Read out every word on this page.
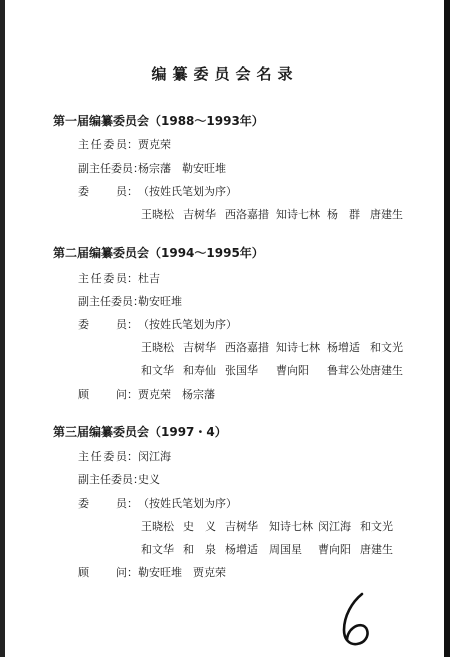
编纂委员会名录
第一届编纂委员会（1988～1993年）
主 任 委 员： 贾克荣
副主任委员：
杨宗藩　勒安旺堆
委 员： （按姓氏笔划为序）
王晓松 吉树华 西洛嘉措 知诗七林 杨　群 唐建生
第二届编纂委员会（1994～1995年）
主 任 委 员： 杜吉
副主任委员：
勒安旺堆
委 员： （按姓氏笔划为序）
王晓松 吉树华 西洛嘉措 知诗七林 杨增适 和文光
和文华 和寿仙 张国华 曹向阳 鲁茸公处 唐建生
顾 问： 贾克荣　杨宗藩
第三届编纂委员会（1997・4）
主 任 委 员： 闵江海
副主任委员：
史义
委 员： （按姓氏笔划为序）
王晓松 史　义 吉树华 知诗七林 闵江海 和文光
和文华 和　泉 杨增适 周国星 曹向阳 唐建生
顾 问： 勒安旺堆　贾克荣
